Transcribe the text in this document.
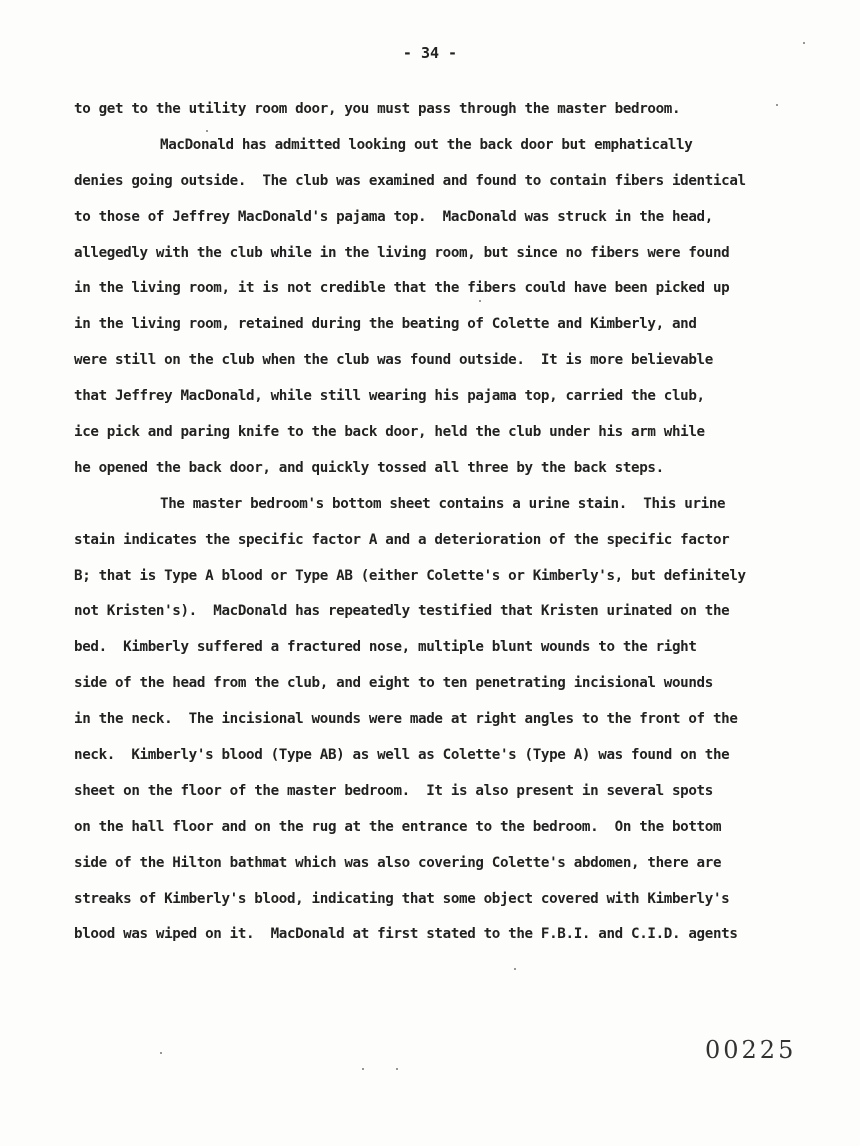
- 34 -
to get to the utility room door, you must pass through the master bedroom.
MacDonald has admitted looking out the back door but emphatically
denies going outside.  The club was examined and found to contain fibers identical
to those of Jeffrey MacDonald's pajama top.  MacDonald was struck in the head,
allegedly with the club while in the living room, but since no fibers were found
in the living room, it is not credible that the fibers could have been picked up
in the living room, retained during the beating of Colette and Kimberly, and
were still on the club when the club was found outside.  It is more believable
that Jeffrey MacDonald, while still wearing his pajama top, carried the club,
ice pick and paring knife to the back door, held the club under his arm while
he opened the back door, and quickly tossed all three by the back steps.
The master bedroom's bottom sheet contains a urine stain.  This urine
stain indicates the specific factor A and a deterioration of the specific factor
B; that is Type A blood or Type AB (either Colette's or Kimberly's, but definitely
not Kristen's).  MacDonald has repeatedly testified that Kristen urinated on the
bed.  Kimberly suffered a fractured nose, multiple blunt wounds to the right
side of the head from the club, and eight to ten penetrating incisional wounds
in the neck.  The incisional wounds were made at right angles to the front of the
neck.  Kimberly's blood (Type AB) as well as Colette's (Type A) was found on the
sheet on the floor of the master bedroom.  It is also present in several spots
on the hall floor and on the rug at the entrance to the bedroom.  On the bottom
side of the Hilton bathmat which was also covering Colette's abdomen, there are
streaks of Kimberly's blood, indicating that some object covered with Kimberly's
blood was wiped on it.  MacDonald at first stated to the F.B.I. and C.I.D. agents
00225
